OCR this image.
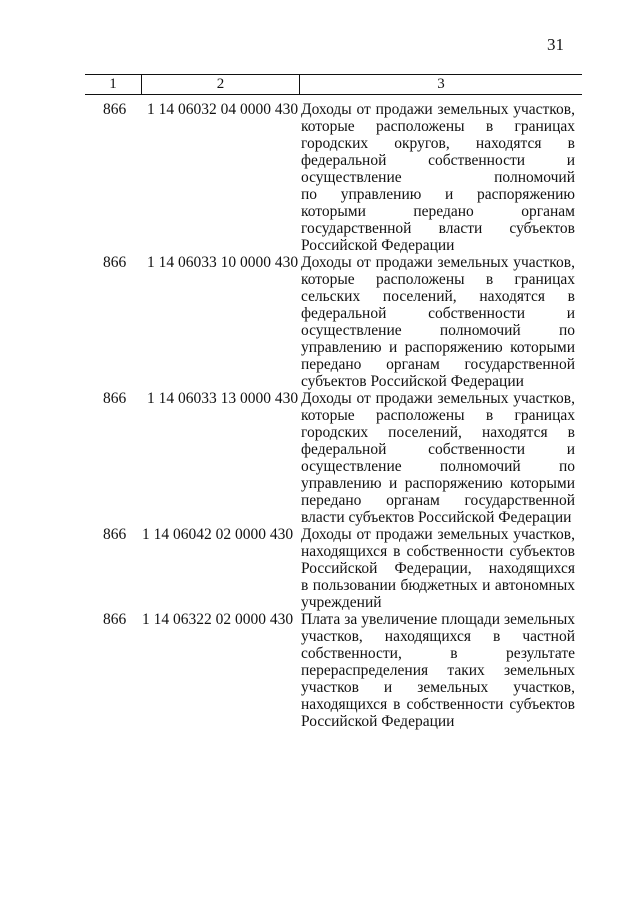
31
1	2	3
866 1 14 06032 04 0000 430 Доходы от продажи земельных участков,
которые расположены в границах
городских округов, находятся в
федеральной собственности и
осуществление полномочий
по управлению и распоряжению
которыми передано органам
государственной власти субъектов
Российской Федерации
866 1 14 06033 10 0000 430 Доходы от продажи земельных участков,
которые расположены в границах
сельских поселений, находятся в
федеральной собственности и
осуществление полномочий по
управлению и распоряжению которыми
передано органам государственной
субъектов Российской Федерации
866 1 14 06033 13 0000 430 Доходы от продажи земельных участков,
которые расположены в границах
городских поселений, находятся в
федеральной собственности и
осуществление полномочий по
управлению и распоряжению которыми
передано органам государственной
власти субъектов Российской Федерации
866 1 14 06042 02 0000 430 Доходы от продажи земельных участков,
находящихся в собственности субъектов
Российской Федерации, находящихся
в пользовании бюджетных и автономных
учреждений
866 1 14 06322 02 0000 430 Плата за увеличение площади земельных
участков, находящихся в частной
собственности, в результате
перераспределения таких земельных
участков и земельных участков,
находящихся в собственности субъектов
Российской Федерации
